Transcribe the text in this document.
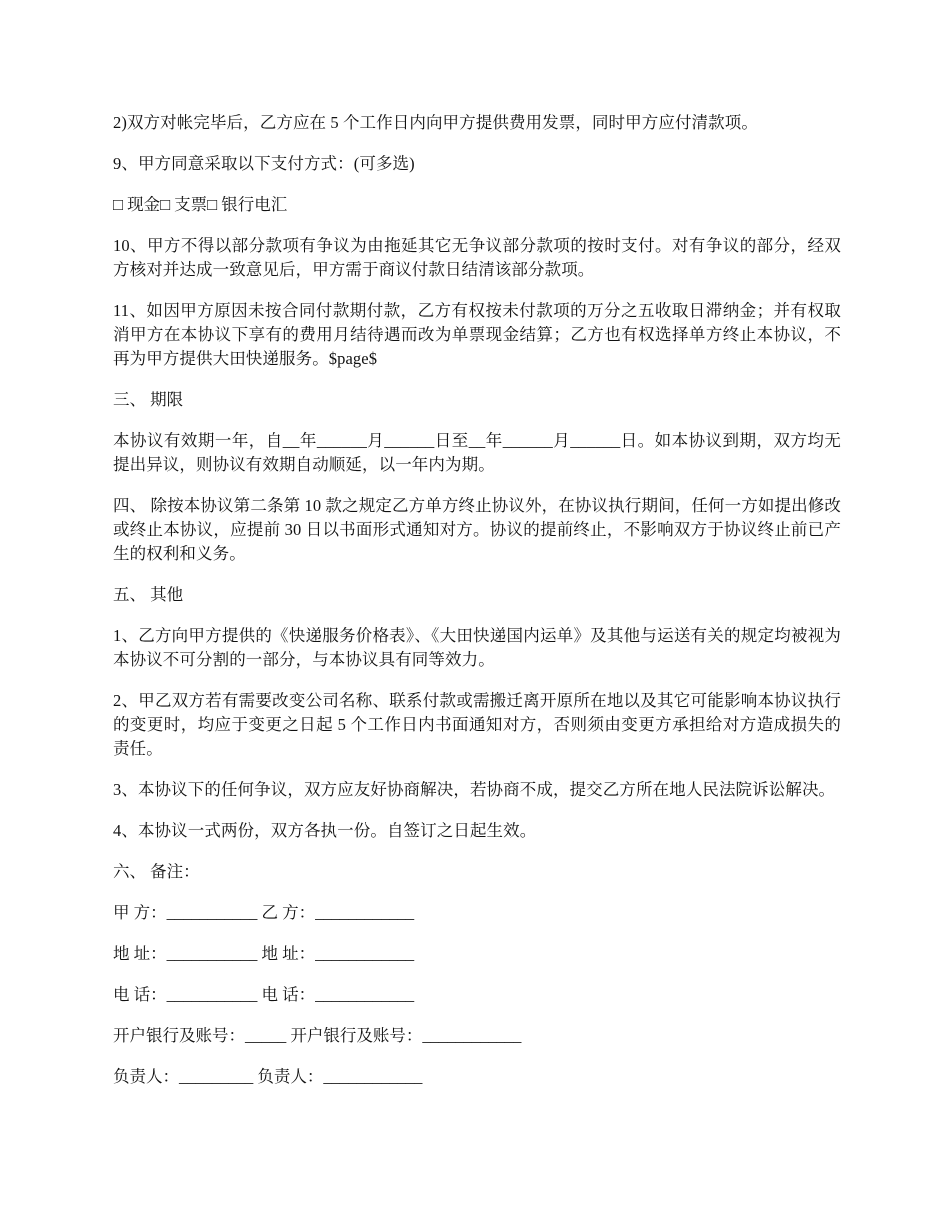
2)双方对帐完毕后，乙方应在 5 个工作日内向甲方提供费用发票，同时甲方应付清款项。

9、甲方同意采取以下支付方式：(可多选)

□ 现金□ 支票□ 银行电汇

10、甲方不得以部分款项有争议为由拖延其它无争议部分款项的按时支付。对有争议的部分，经双方核对并达成一致意见后，甲方需于商议付款日结清该部分款项。

11、如因甲方原因未按合同付款期付款，乙方有权按未付款项的万分之五收取日滞纳金；并有权取消甲方在本协议下享有的费用月结待遇而改为单票现金结算；乙方也有权选择单方终止本协议，不再为甲方提供大田快递服务。$page$

三、 期限

本协议有效期一年，自__年______月______日至__年______月______日。如本协议到期，双方均无提出异议，则协议有效期自动顺延，以一年内为期。

四、 除按本协议第二条第 10 款之规定乙方单方终止协议外，在协议执行期间，任何一方如提出修改或终止本协议，应提前 30 日以书面形式通知对方。协议的提前终止，不影响双方于协议终止前已产生的权利和义务。

五、 其他

1、乙方向甲方提供的《快递服务价格表》、《大田快递国内运单》及其他与运送有关的规定均被视为本协议不可分割的一部分，与本协议具有同等效力。

2、甲乙双方若有需要改变公司名称、联系付款或需搬迁离开原所在地以及其它可能影响本协议执行的变更时，均应于变更之日起 5 个工作日内书面通知对方，否则须由变更方承担给对方造成损失的责任。

3、本协议下的任何争议，双方应友好协商解决，若协商不成，提交乙方所在地人民法院诉讼解决。

4、本协议一式两份，双方各执一份。自签订之日起生效。

六、 备注：

甲 方：___________ 乙 方：____________

地 址：___________ 地 址：____________

电 话：___________ 电 话：____________

开户银行及账号：_____ 开户银行及账号：____________

负责人：_________ 负责人：____________
